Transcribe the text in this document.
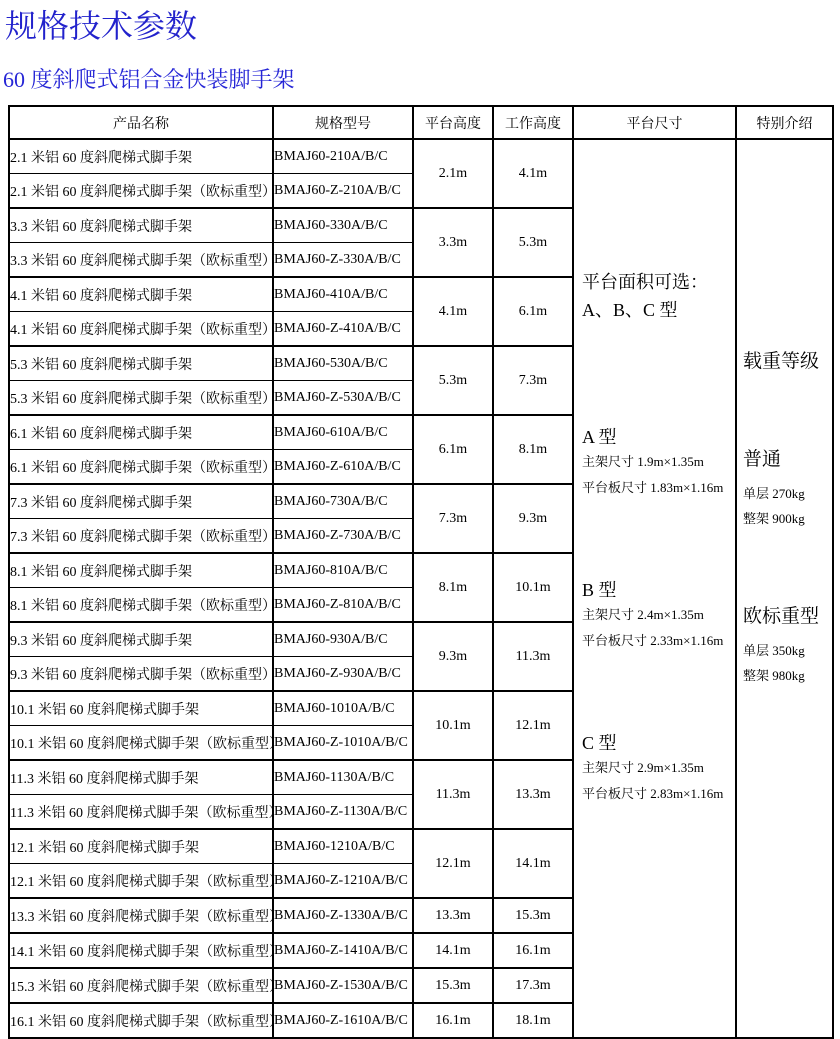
规格技术参数
60 度斜爬式铝合金快装脚手架
产品名称	规格型号	平台高度	工作高度	平台尺寸	特别介绍
2.1 米铝 60 度斜爬梯式脚手架	BMAJ60-210A/B/C	2.1m	4.1m		
2.1 米铝 60 度斜爬梯式脚手架（欧标重型）	BMAJ60-Z-210A/B/C				
3.3 米铝 60 度斜爬梯式脚手架	BMAJ60-330A/B/C	3.3m	5.3m		
3.3 米铝 60 度斜爬梯式脚手架（欧标重型）	BMAJ60-Z-330A/B/C				
4.1 米铝 60 度斜爬梯式脚手架	BMAJ60-410A/B/C	4.1m	6.1m		
4.1 米铝 60 度斜爬梯式脚手架（欧标重型）	BMAJ60-Z-410A/B/C				
5.3 米铝 60 度斜爬梯式脚手架	BMAJ60-530A/B/C	5.3m	7.3m		
5.3 米铝 60 度斜爬梯式脚手架（欧标重型）	BMAJ60-Z-530A/B/C				
6.1 米铝 60 度斜爬梯式脚手架	BMAJ60-610A/B/C	6.1m	8.1m		
6.1 米铝 60 度斜爬梯式脚手架（欧标重型）	BMAJ60-Z-610A/B/C				
7.3 米铝 60 度斜爬梯式脚手架	BMAJ60-730A/B/C	7.3m	9.3m		
7.3 米铝 60 度斜爬梯式脚手架（欧标重型）	BMAJ60-Z-730A/B/C				
8.1 米铝 60 度斜爬梯式脚手架	BMAJ60-810A/B/C	8.1m	10.1m		
8.1 米铝 60 度斜爬梯式脚手架（欧标重型）	BMAJ60-Z-810A/B/C				
9.3 米铝 60 度斜爬梯式脚手架	BMAJ60-930A/B/C	9.3m	11.3m		
9.3 米铝 60 度斜爬梯式脚手架（欧标重型）	BMAJ60-Z-930A/B/C				
10.1 米铝 60 度斜爬梯式脚手架	BMAJ60-1010A/B/C	10.1m	12.1m		
10.1 米铝 60 度斜爬梯式脚手架（欧标重型）	BMAJ60-Z-1010A/B/C				
11.3 米铝 60 度斜爬梯式脚手架	BMAJ60-1130A/B/C	11.3m	13.3m		
11.3 米铝 60 度斜爬梯式脚手架（欧标重型）	BMAJ60-Z-1130A/B/C				
12.1 米铝 60 度斜爬梯式脚手架	BMAJ60-1210A/B/C	12.1m	14.1m		
12.1 米铝 60 度斜爬梯式脚手架（欧标重型）	BMAJ60-Z-1210A/B/C				
13.3 米铝 60 度斜爬梯式脚手架（欧标重型）	BMAJ60-Z-1330A/B/C	13.3m	15.3m		
14.1 米铝 60 度斜爬梯式脚手架（欧标重型）	BMAJ60-Z-1410A/B/C	14.1m	16.1m		
15.3 米铝 60 度斜爬梯式脚手架（欧标重型）	BMAJ60-Z-1530A/B/C	15.3m	17.3m		
16.1 米铝 60 度斜爬梯式脚手架（欧标重型）	BMAJ60-Z-1610A/B/C	16.1m	18.1m		
平台面积可选：
A、B、C 型
A 型
主架尺寸 1.9m×1.35m
平台板尺寸 1.83m×1.16m
B 型
主架尺寸 2.4m×1.35m
平台板尺寸 2.33m×1.16m
C 型
主架尺寸 2.9m×1.35m
平台板尺寸 2.83m×1.16m
载重等级
普通
单层 270kg
整架 900kg
欧标重型
单层 350kg
整架 980kg
